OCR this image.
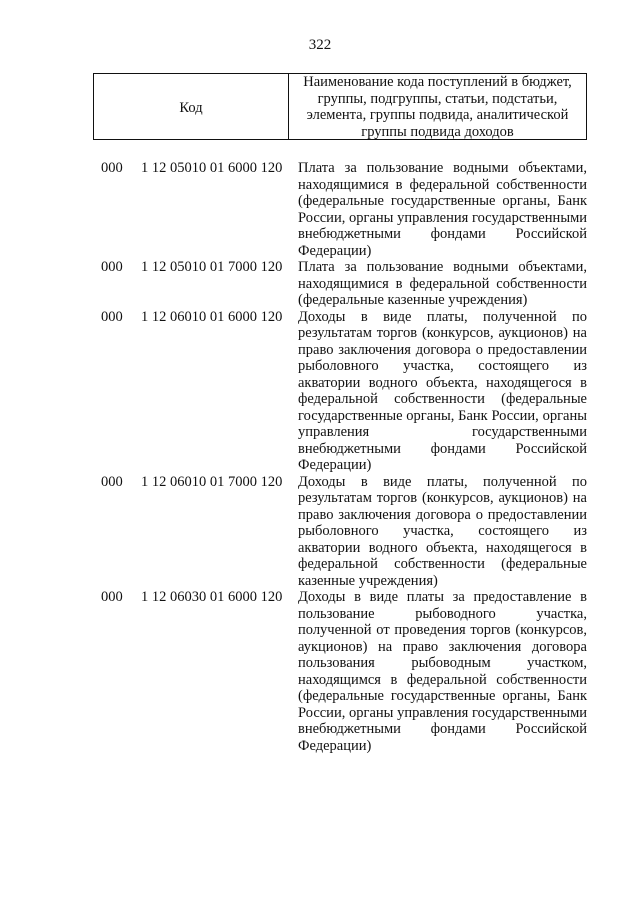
322
Код
Наименование кода поступлений в бюджет, группы, подгруппы, статьи, подстатьи, элемента, группы подвида, аналитической группы подвида доходов
000 1 12 05010 01 6000 120 Плата за пользование водными объектами,
находящимися в федеральной собственности
(федеральные государственные органы, Банк
России, органы управления государственными
внебюджетными фондами Российской
Федерации)
000 1 12 05010 01 7000 120 Плата за пользование водными объектами,
находящимися в федеральной собственности
(федеральные казенные учреждения)
000 1 12 06010 01 6000 120 Доходы в виде платы, полученной по
результатам торгов (конкурсов, аукционов) на
право заключения договора о предоставлении
рыболовного участка, состоящего из
акватории водного объекта, находящегося в
федеральной собственности (федеральные
государственные органы, Банк России, органы
управления государственными
внебюджетными фондами Российской
Федерации)
000 1 12 06010 01 7000 120 Доходы в виде платы, полученной по
результатам торгов (конкурсов, аукционов) на
право заключения договора о предоставлении
рыболовного участка, состоящего из
акватории водного объекта, находящегося в
федеральной собственности (федеральные
казенные учреждения)
000 1 12 06030 01 6000 120 Доходы в виде платы за предоставление в
пользование рыбоводного участка,
полученной от проведения торгов (конкурсов,
аукционов) на право заключения договора
пользования рыбоводным участком,
находящимся в федеральной собственности
(федеральные государственные органы, Банк
России, органы управления государственными
внебюджетными фондами Российской
Федерации)
